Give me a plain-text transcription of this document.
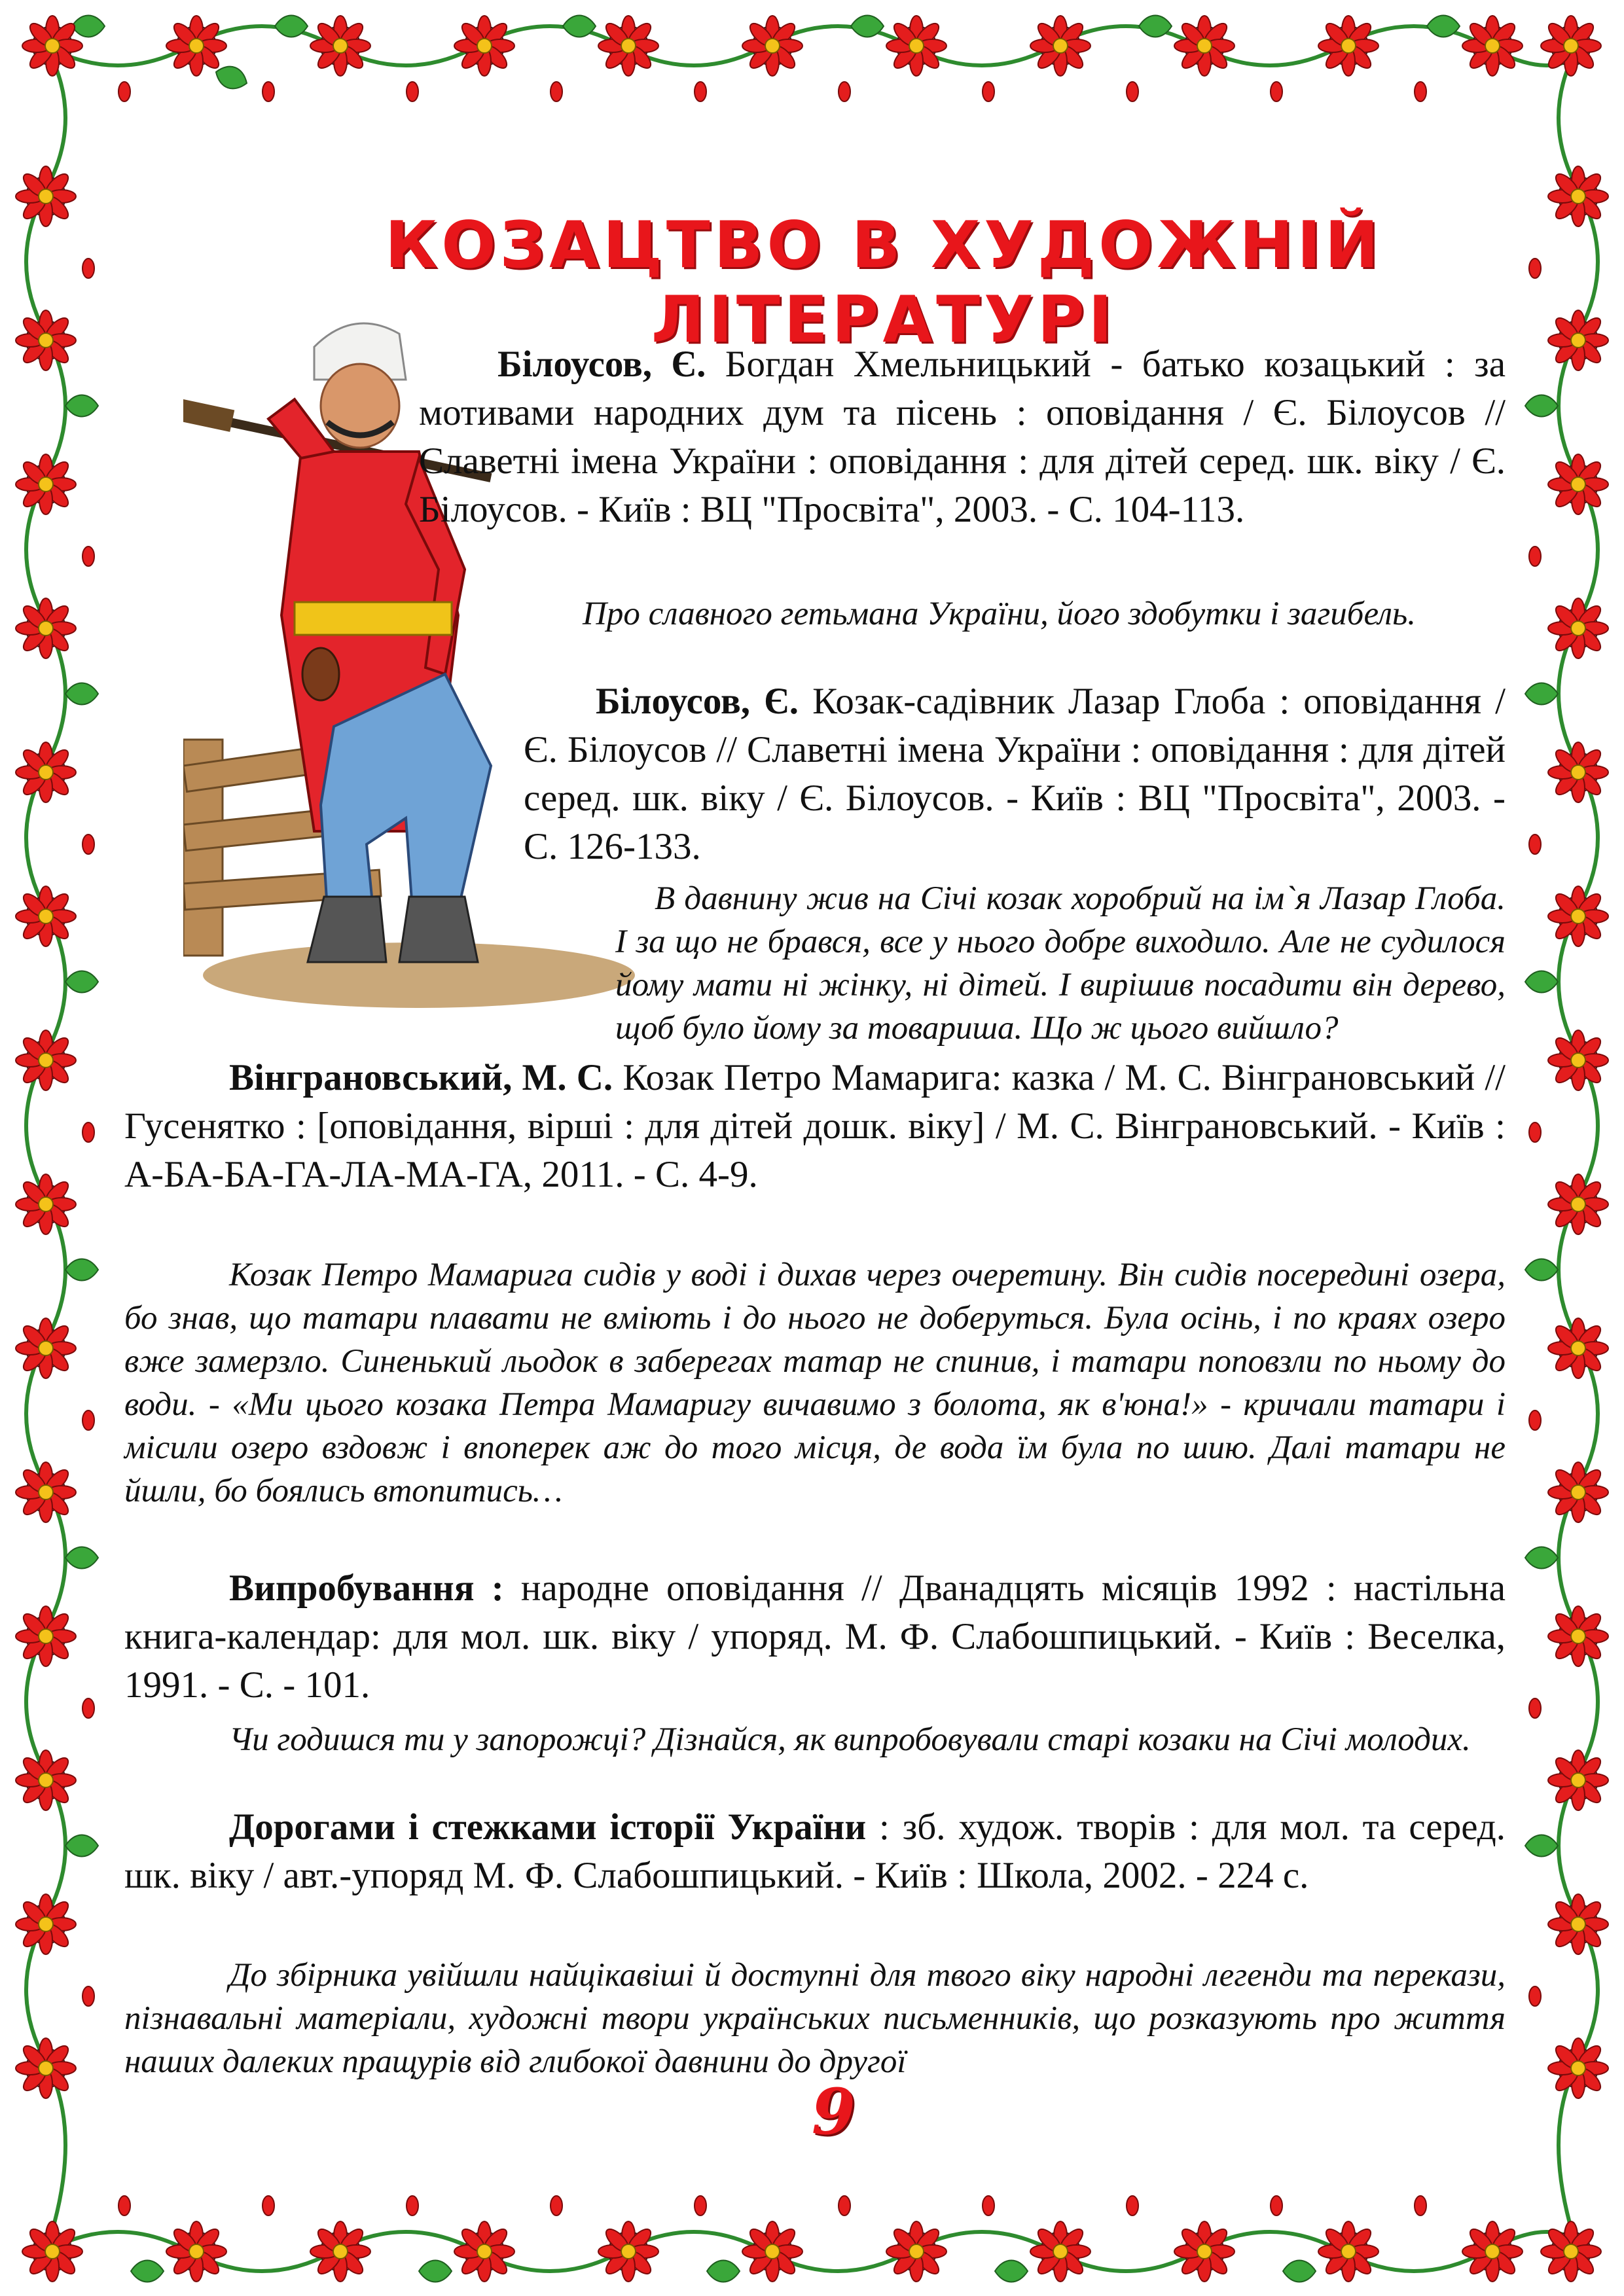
КОЗАЦТВО В ХУДОЖНІЙ ЛІТЕРАТУРІ
Білоусов, Є. Богдан Хмельницький - батько козацький : за мотивами народних дум та пісень : оповідання / Є. Білоусов // Славетні імена України : оповідання : для дітей серед. шк. віку / Є. Білоусов. - Київ : ВЦ "Просвіта", 2003. - С. 104-113.
Про славного гетьмана України, його здобутки і загибель.
Білоусов, Є. Козак-садівник Лазар Глоба : оповідання / Є. Білоусов // Славетні імена України : оповідання : для дітей серед. шк. віку / Є. Білоусов. - Київ : ВЦ "Просвіта", 2003. - С. 126-133.
В давнину жив на Січі козак хоробрий на ім`я Лазар Глоба. І за що не брався, все у нього добре виходило. Але не судилося йому мати ні жінку, ні дітей. І вирішив посадити він дерево, щоб було йому за товариша. Що ж цього вийшло?
Вінграновський, М. С. Козак Петро Мамарига: казка / М. С. Вінграновський // Гусенятко : [оповідання, вірші : для дітей дошк. віку] / М. С. Вінграновський. - Київ : А-БА-БА-ГА-ЛА-МА-ГА, 2011. - С. 4-9.
Козак Петро Мамарига сидів у воді і дихав через очеретину. Він сидів посередині озера, бо знав, що татари плавати не вміють і до нього не доберуться. Була осінь, і по краях озеро вже замерзло. Синенький льодок в заберегах татар не спинив, і татари поповзли по ньому до води. - «Ми цього козака Петра Мамаригу вичавимо з болота, як в'юна!» - кричали татари і місили озеро вздовж і впоперек аж до того місця, де вода їм була по шию. Далі татари не йшли, бо боялись втопитись…
Випробування : народне оповідання // Дванадцять місяців 1992 : настільна книга-календар: для мол. шк. віку / упоряд. М. Ф. Слабошпицький. - Київ : Веселка, 1991. - С. - 101.
Чи годишся ти у запорожці? Дізнайся, як випробовували старі козаки на Січі молодих.
Дорогами і стежками історії України : зб. худож. творів : для мол. та серед. шк. віку / авт.-упоряд М. Ф. Слабошпицький. - Київ : Школа, 2002. - 224 с.
До збірника увійшли найцікавіші й доступні для твого віку народні легенди та перекази, пізнавальні матеріали, художні твори українських письменників, що розказують про життя наших далеких пращурів від глибокої давнини до другої
9
